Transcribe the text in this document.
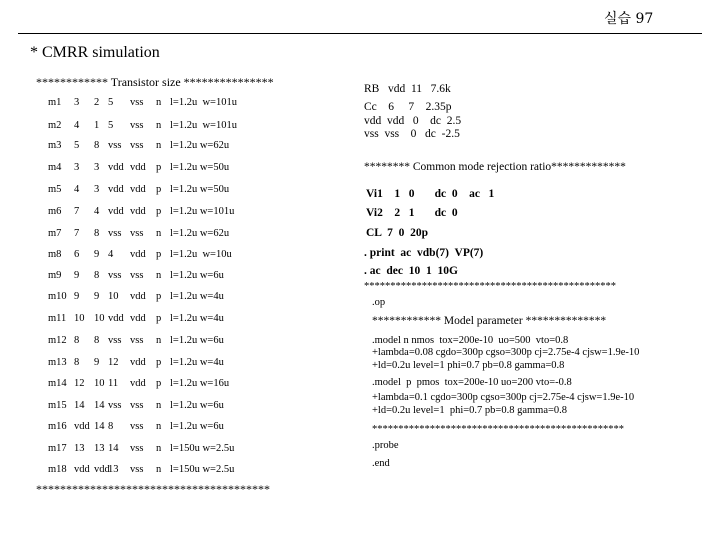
실습 97
* CMRR simulation
************ Transistor size ***************
m1 3 2 5 vss n l=1.2u  w=101u
m2 4 1 5 vss n l=1.2u  w=101u
m3 5 8 vss vss n l=1.2u w=62u
m4 3 3 vdd vdd p l=1.2u w=50u
m5 4 3 vdd vdd p l=1.2u w=50u
m6 7 4 vdd vdd p l=1.2u w=101u
m7 7 8 vss vss n l=1.2u w=62u
m8 6 9 4 vdd p l=1.2u  w=10u
m9 9 8 vss vss n l=1.2u w=6u
m10 9 9 10 vdd p l=1.2u w=4u
m11 10 10 vdd vdd p l=1.2u w=4u
m12 8 8 vss vss n l=1.2u w=6u
m13 8 9 12 vdd p l=1.2u w=4u
m14 12 10 11 vdd p l=1.2u w=16u
m15 14 14 vss vss n l=1.2u w=6u
m16 vdd 14 8 vss n l=1.2u w=6u
m17 13 13 14 vss n l=150u w=2.5u
m18 vdd vdd
13 vss n l=150u w=2.5u
***************************************
RB   vdd  11   7.6k
Cc    6     7    2.35p
vdd  vdd   0    dc  2.5
vss  vss    0   dc  -2.5
******** Common mode rejection ratio*************
Vi1    1   0       dc  0    ac   1
Vi2    2   1       dc  0
CL  7  0  20p
. print  ac  vdb(7)  VP(7)
. ac  dec  10  1  10G
************************************************
.op
************ Model parameter **************
.model n nmos  tox=200e-10  uo=500  vto=0.8
+lambda=0.08 cgdo=300p cgso=300p cj=2.75e-4 cjsw=1.9e-10
+ld=0.2u level=1 phi=0.7 pb=0.8 gamma=0.8
.model  p  pmos  tox=200e-10 uo=200 vto=-0.8
+lambda=0.1 cgdo=300p cgso=300p cj=2.75e-4 cjsw=1.9e-10
+ld=0.2u level=1  phi=0.7 pb=0.8 gamma=0.8
************************************************
.probe
.end
